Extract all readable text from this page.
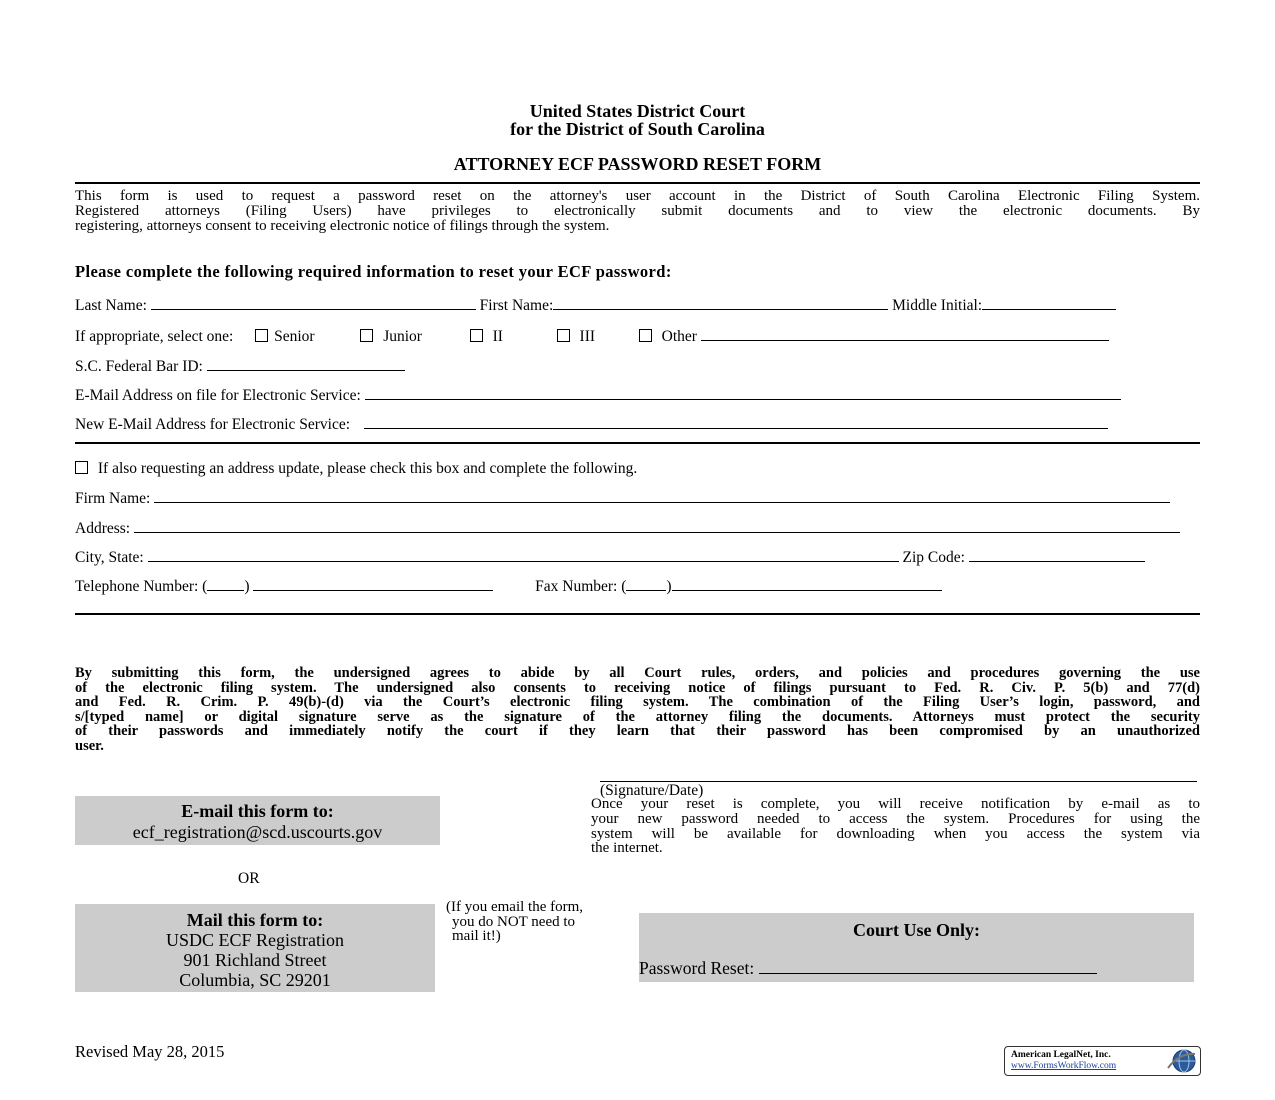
United States District Court
for the District of South Carolina
ATTORNEY ECF PASSWORD RESET FORM
This form is used to request a password reset on the attorney's user account in the District of South Carolina Electronic Filing System.
Registered attorneys (Filing Users) have privileges to electronically submit documents and to view the electronic documents. By
registering, attorneys consent to receiving electronic notice of filings through the system.
Please complete the following required information to reset your ECF password:
Last Name:	First Name:	Middle Initial:
If appropriate, select one:	Senior	Junior	II	III	Other
S.C. Federal Bar ID:
E-Mail Address on file for Electronic Service:
New E-Mail Address for Electronic Service:
If also requesting an address update, please check this box and complete the following.
Firm Name:
Address:
City, State:	Zip Code:
Telephone Number: ( )	Fax Number: (	)
By submitting this form, the undersigned agrees to abide by all Court rules, orders, and policies and procedures governing the use
of the electronic filing system. The undersigned also consents to receiving notice of filings pursuant to Fed. R. Civ. P. 5(b) and 77(d)
and Fed. R. Crim. P. 49(b)-(d) via the Court’s electronic filing system. The combination of the Filing User’s login, password, and
s/[typed name] or digital signature serve as the signature of the attorney filing the documents. Attorneys must protect the security
of their passwords and immediately notify the court if they learn that their password has been compromised by an unauthorized
user.
(Signature/Date)
Once your reset is complete, you will receive notification by e-mail as to
your new password needed to access the system. Procedures for using the
system will be available for downloading when you access the system via
the internet.
E-mail this form to:
ecf_registration@scd.uscourts.gov
OR
Mail this form to:
USDC ECF Registration
901 Richland Street
Columbia, SC 29201
(If you email the form,
you do NOT need to
mail it!)	Court Use Only:
Password Reset:
Revised May 28, 2015	American LegalNet, Inc.
www.FormsWorkFlow.com
